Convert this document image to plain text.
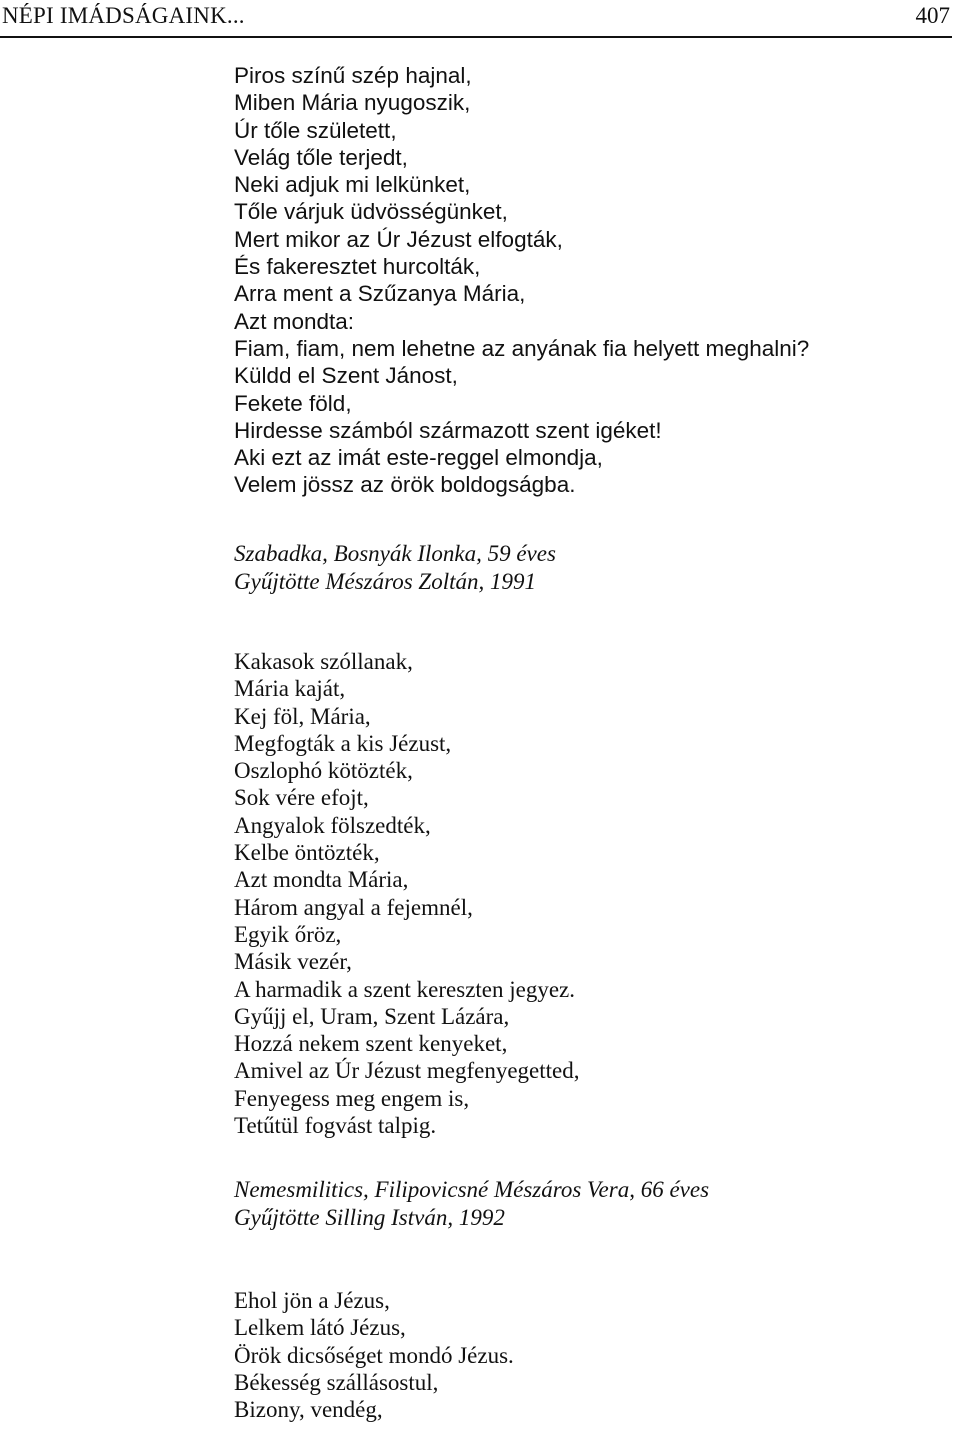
NÉPI IMÁDSÁGAINK...	407
Piros színű szép hajnal,
Miben Mária nyugoszik,
Úr tőle született,
Velág tőle terjedt,
Neki adjuk mi lelkünket,
Tőle várjuk üdvösségünket,
Mert mikor az Úr Jézust elfogták,
És fakeresztet hurcolták,
Arra ment a Szűzanya Mária,
Azt mondta:
Fiam, fiam, nem lehetne az anyának fia helyett meghalni?
Küldd el Szent Jánost,
Fekete föld,
Hirdesse számból származott szent igéket!
Aki ezt az imát este-reggel elmondja,
Velem jössz az örök boldogságba.
Szabadka, Bosnyák Ilonka, 59 éves
Gyűjtötte Mészáros Zoltán, 1991
Kakasok szóllanak,
Mária kaját,
Kej föl, Mária,
Megfogták a kis Jézust,
Oszlophó kötözték,
Sok vére efojt,
Angyalok fölszedték,
Kelbe öntözték,
Azt mondta Mária,
Három angyal a fejemnél,
Egyik őröz,
Másik vezér,
A harmadik a szent kereszten jegyez.
Gyűjj el, Uram, Szent Lázára,
Hozzá nekem szent kenyeket,
Amivel az Úr Jézust megfenyegetted,
Fenyegess meg engem is,
Tetűtül fogvást talpig.
Nemesmilitics, Filipovicsné Mészáros Vera, 66 éves
Gyűjtötte Silling István, 1992
Ehol jön a Jézus,
Lelkem látó Jézus,
Örök dicsőséget mondó Jézus.
Békesség szállásostul,
Bizony, vendég,
